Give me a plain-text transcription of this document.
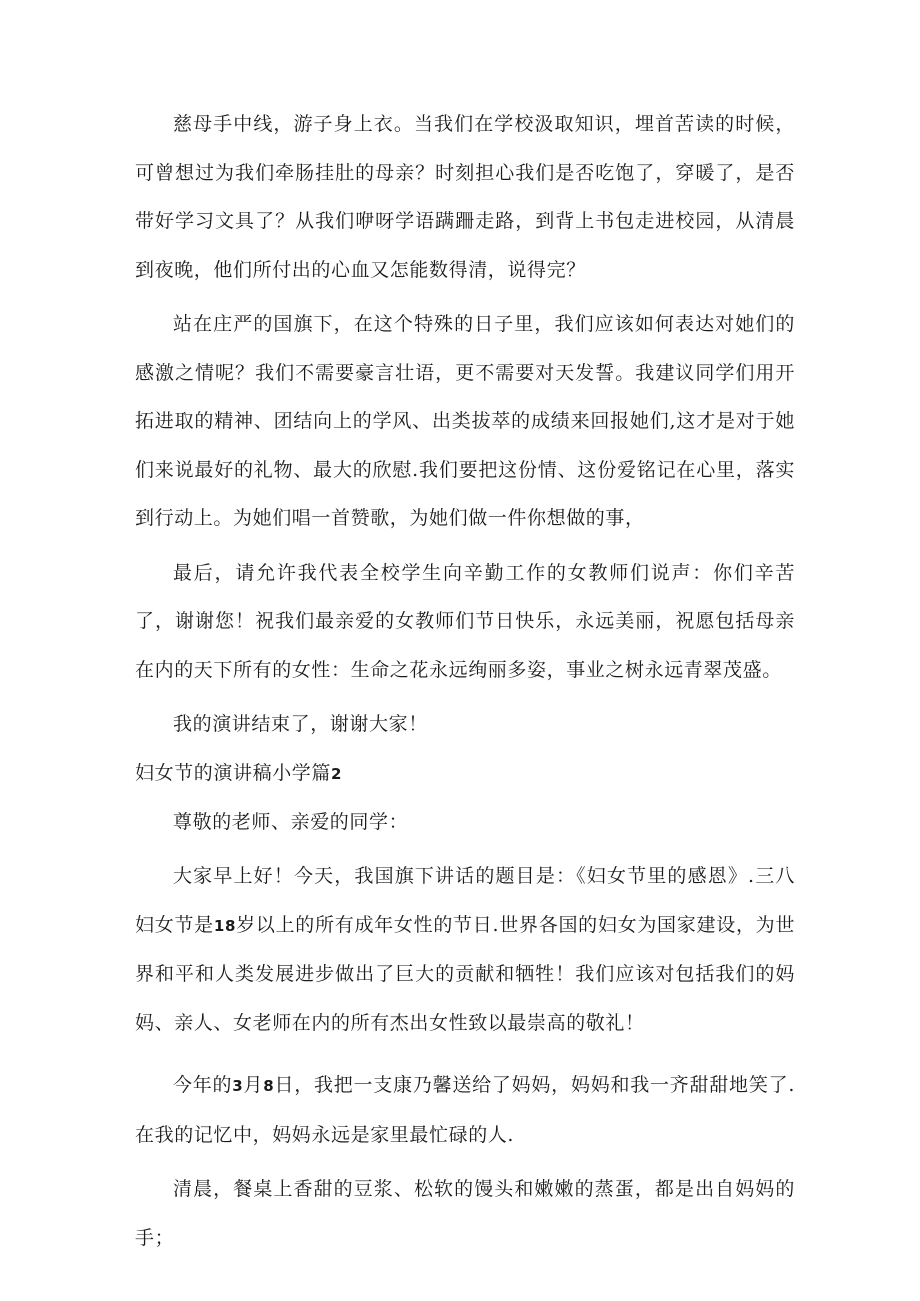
慈母手中线，游子身上衣。当我们在学校汲取知识，埋首苦读的时候，可曾想过为我们牵肠挂肚的母亲？时刻担心我们是否吃饱了，穿暖了，是否带好学习文具了？从我们咿呀学语蹒跚走路，到背上书包走进校园，从清晨到夜晚，他们所付出的心血又怎能数得清，说得完？

站在庄严的国旗下，在这个特殊的日子里，我们应该如何表达对她们的感激之情呢？我们不需要豪言壮语，更不需要对天发誓。我建议同学们用开拓进取的精神、团结向上的学风、出类拔萃的成绩来回报她们,这才是对于她们来说最好的礼物、最大的欣慰.我们要把这份情、这份爱铭记在心里，落实到行动上。为她们唱一首赞歌，为她们做一件你想做的事，

最后，请允许我代表全校学生向辛勤工作的女教师们说声：你们辛苦了，谢谢您！祝我们最亲爱的女教师们节日快乐，永远美丽，祝愿包括母亲在内的天下所有的女性：生命之花永远绚丽多姿，事业之树永远青翠茂盛。

我的演讲结束了，谢谢大家！

妇女节的演讲稿小学篇2

尊敬的老师、亲爱的同学：

大家早上好！今天，我国旗下讲话的题目是：《妇女节里的感恩》.三八妇女节是18岁以上的所有成年女性的节日.世界各国的妇女为国家建设，为世界和平和人类发展进步做出了巨大的贡献和牺牲！我们应该对包括我们的妈妈、亲人、女老师在内的所有杰出女性致以最崇高的敬礼！

今年的3月8日，我把一支康乃馨送给了妈妈，妈妈和我一齐甜甜地笑了.在我的记忆中，妈妈永远是家里最忙碌的人.

清晨，餐桌上香甜的豆浆、松软的馒头和嫩嫩的蒸蛋，都是出自妈妈的手；
